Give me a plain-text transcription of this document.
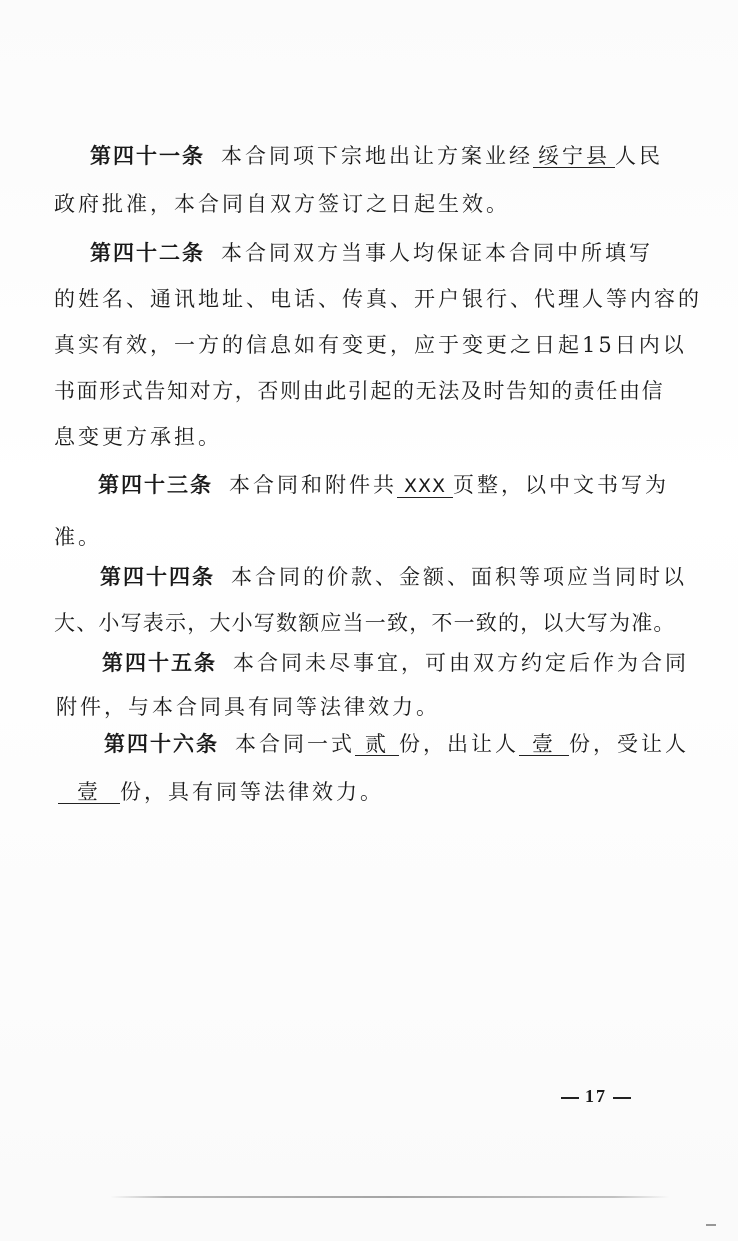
第四十一条 本合同项下宗地出让方案业经 绥宁县 人民
政府批准，本合同自双方签订之日起生效。
第四十二条 本合同双方当事人均保证本合同中所填写
的姓名、通讯地址、电话、传真、开户银行、代理人等内容的
真实有效，一方的信息如有变更，应于变更之日起15日内以
书面形式告知对方，否则由此引起的无法及时告知的责任由信
息变更方承担。
第四十三条 本合同和附件共 XXX 页整，以中文书写为
准。
第四十四条 本合同的价款、金额、面积等项应当同时以
大、小写表示，大小写数额应当一致，不一致的，以大写为准。
第四十五条 本合同未尽事宜，可由双方约定后作为合同
附件，与本合同具有同等法律效力。
第四十六条 本合同一式 贰 份，出让人 壹 份，受让人
壹 份，具有同等法律效力。
17
